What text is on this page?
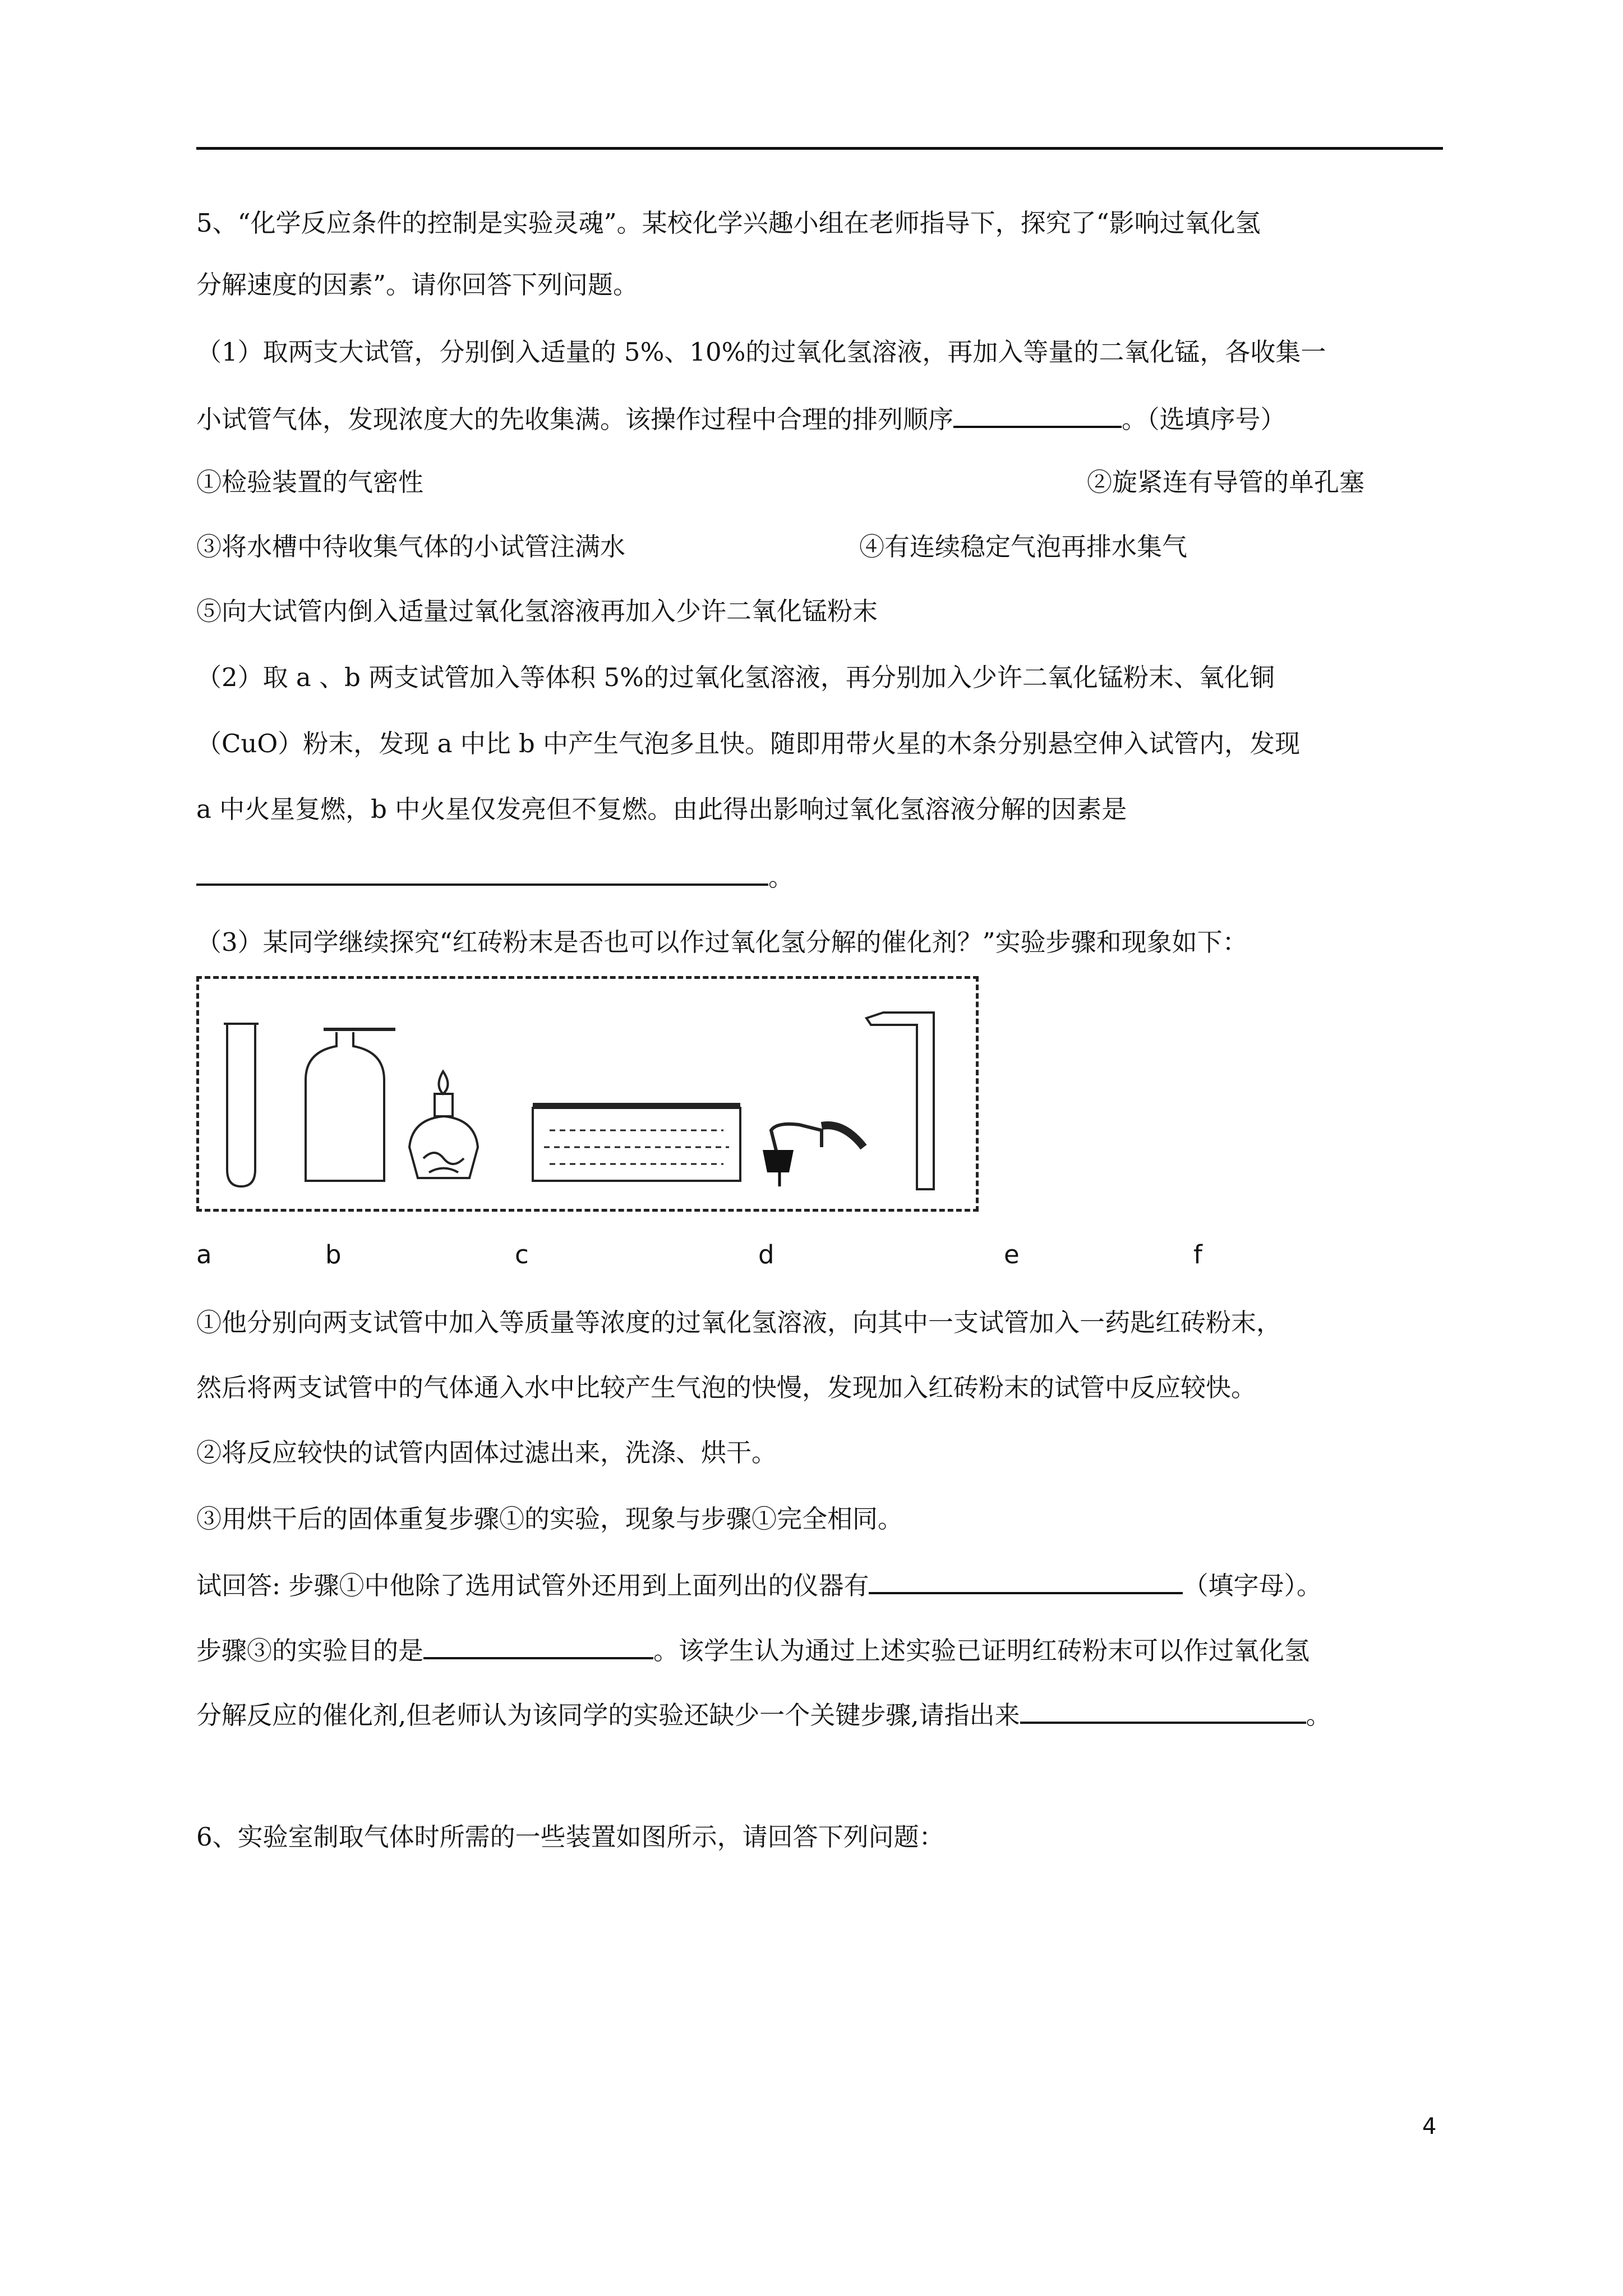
5、“化学反应条件的控制是实验灵魂”。某校化学兴趣小组在老师指导下，探究了“影响过氧化氢
分解速度的因素”。请你回答下列问题。
（1）取两支大试管，分别倒入适量的 5%、10%的过氧化氢溶液，再加入等量的二氧化锰，各收集一
小试管气体，发现浓度大的先收集满。该操作过程中合理的排列顺序	。（选填序号）
①检验装置的气密性	②旋紧连有导管的单孔塞
③将水槽中待收集气体的小试管注满水	④有连续稳定气泡再排水集气
⑤向大试管内倒入适量过氧化氢溶液再加入少许二氧化锰粉末
（2）取 a 、b 两支试管加入等体积 5%的过氧化氢溶液，再分别加入少许二氧化锰粉末、氧化铜
（CuO）粉末，发现 a 中比 b 中产生气泡多且快。随即用带火星的木条分别悬空伸入试管内，发现
a 中火星复燃，b 中火星仅发亮但不复燃。由此得出影响过氧化氢溶液分解的因素是
。
（3）某同学继续探究“红砖粉末是否也可以作过氧化氢分解的催化剂？”实验步骤和现象如下：
a	b	c	d	e	f
①他分别向两支试管中加入等质量等浓度的过氧化氢溶液，向其中一支试管加入一药匙红砖粉末，
然后将两支试管中的气体通入水中比较产生气泡的快慢，发现加入红砖粉末的试管中反应较快。
②将反应较快的试管内固体过滤出来，洗涤、烘干。
③用烘干后的固体重复步骤①的实验，现象与步骤①完全相同。
试回答: 步骤①中他除了选用试管外还用到上面列出的仪器有	（填字母）。
步骤③的实验目的是	。该学生认为通过上述实验已证明红砖粉末可以作过氧化氢
分解反应的催化剂,但老师认为该同学的实验还缺少一个关键步骤,请指出来	。
6、实验室制取气体时所需的一些装置如图所示，请回答下列问题：
4
